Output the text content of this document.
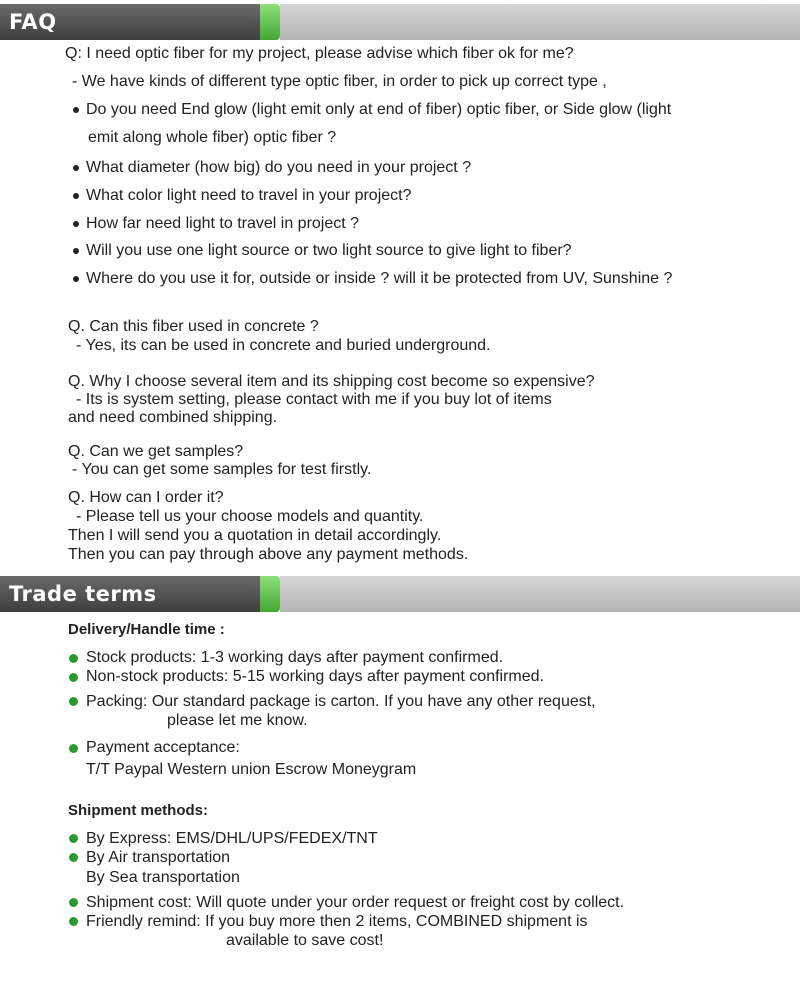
FAQ
Q: I need optic fiber for my project, please advise which fiber ok for me?
- We have kinds of different type optic fiber, in order to pick up correct type ,
Do you need End glow (light emit only at end of fiber) optic fiber, or Side glow (light
emit along whole fiber) optic fiber ?
What diameter (how big) do you need in your project ?
What color light need to travel in your project?
How far need light to travel in project ?
Will you use one light source or two light source to give light to fiber?
Where do you use it for, outside or inside ? will it be protected from UV, Sunshine ?
Q. Can this fiber used in concrete ?
- Yes, its can be used in concrete and buried underground.
Q. Why I choose several item and its shipping cost become so expensive?
- Its is system setting, please contact with me if you buy lot of items
and need combined shipping.
Q. Can we get samples?
- You can get some samples for test firstly.
Q. How can I order it?
- Please tell us your choose models and quantity.
Then I will send you a quotation in detail accordingly.
Then you can pay through above any payment methods.
Trade terms
Delivery/Handle time :
Stock products: 1-3 working days after payment confirmed.
Non-stock products: 5-15 working days after payment confirmed.
Packing: Our standard package is carton. If you have any other request,
please let me know.
Payment acceptance:
T/T Paypal Western union Escrow Moneygram
Shipment methods:
By Express: EMS/DHL/UPS/FEDEX/TNT
By Air transportation
By Sea transportation
Shipment cost: Will quote under your order request or freight cost by collect.
Friendly remind: If you buy more then 2 items, COMBINED shipment is
available to save cost!
